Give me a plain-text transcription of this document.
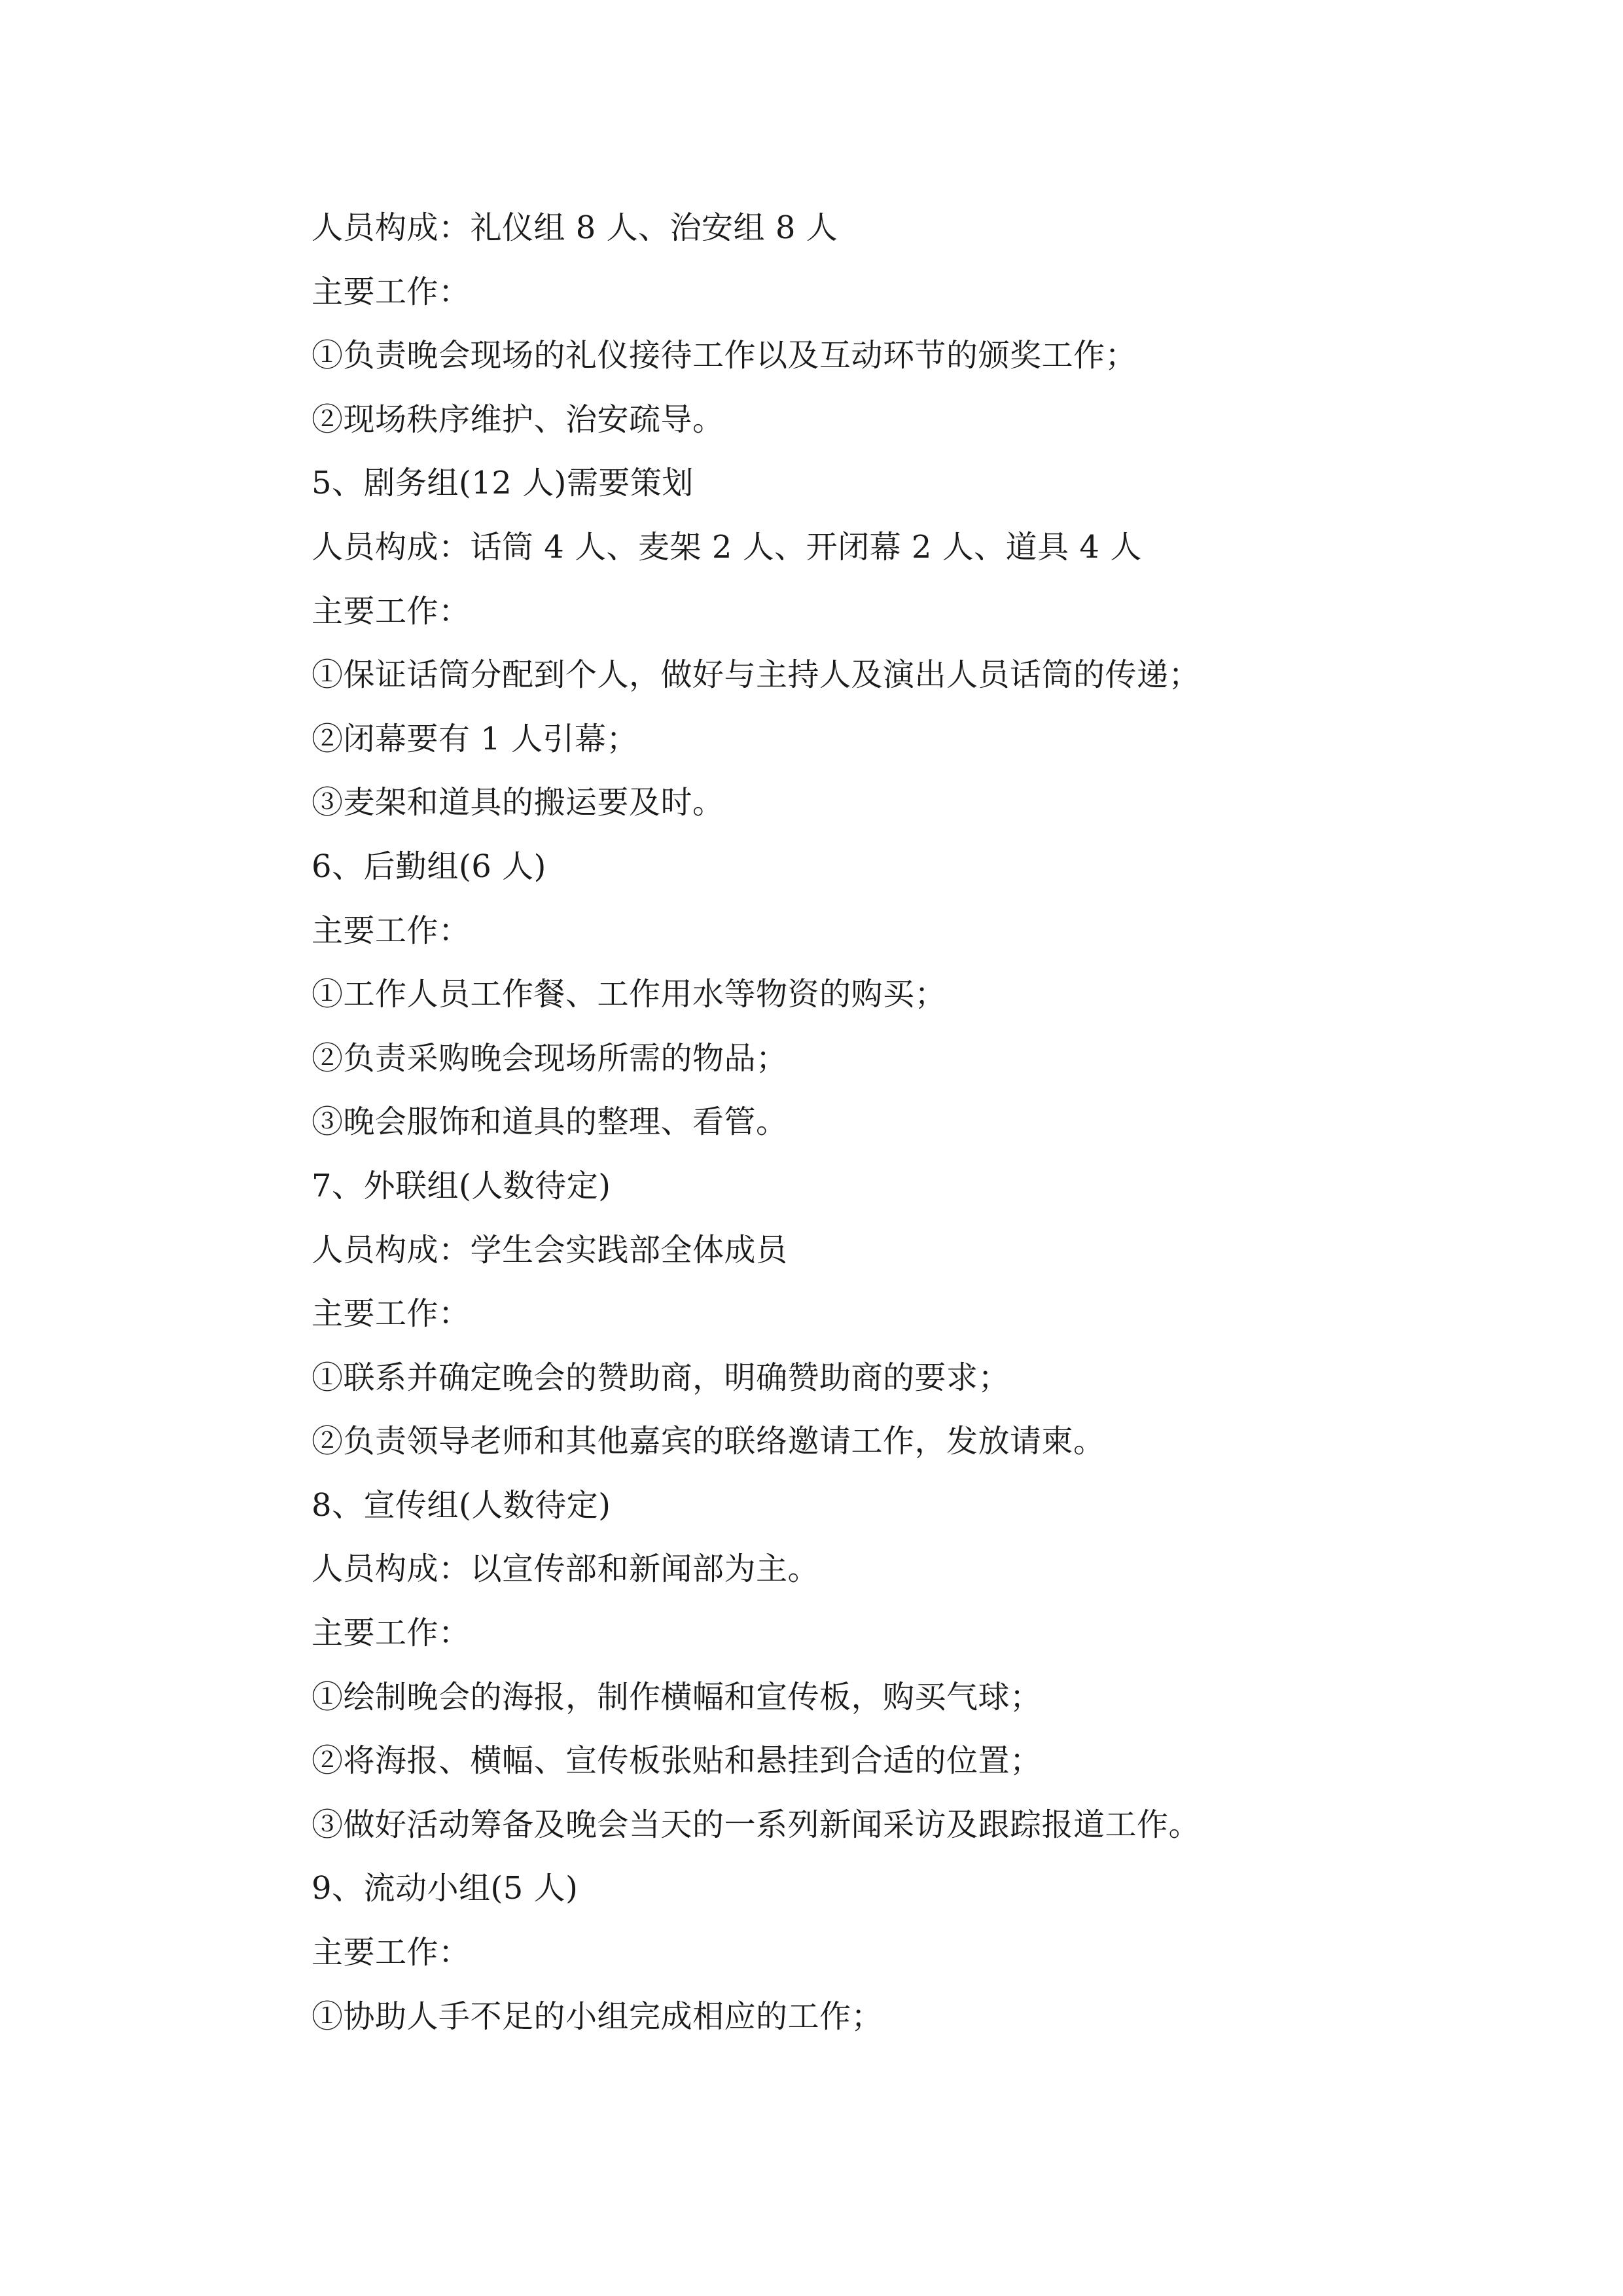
人员构成：礼仪组 8 人、治安组 8 人
主要工作：
①负责晚会现场的礼仪接待工作以及互动环节的颁奖工作；
②现场秩序维护、治安疏导。
5、剧务组(12 人)需要策划
人员构成：话筒 4 人、麦架 2 人、开闭幕 2 人、道具 4 人
主要工作：
①保证话筒分配到个人，做好与主持人及演出人员话筒的传递；
②闭幕要有 1 人引幕；
③麦架和道具的搬运要及时。
6、后勤组(6 人)
主要工作：
①工作人员工作餐、工作用水等物资的购买；
②负责采购晚会现场所需的物品；
③晚会服饰和道具的整理、看管。
7、外联组(人数待定)
人员构成：学生会实践部全体成员
主要工作：
①联系并确定晚会的赞助商，明确赞助商的要求；
②负责领导老师和其他嘉宾的联络邀请工作，发放请柬。
8、宣传组(人数待定)
人员构成：以宣传部和新闻部为主。
主要工作：
①绘制晚会的海报，制作横幅和宣传板，购买气球；
②将海报、横幅、宣传板张贴和悬挂到合适的位置；
③做好活动筹备及晚会当天的一系列新闻采访及跟踪报道工作。
9、流动小组(5 人)
主要工作：
①协助人手不足的小组完成相应的工作；
